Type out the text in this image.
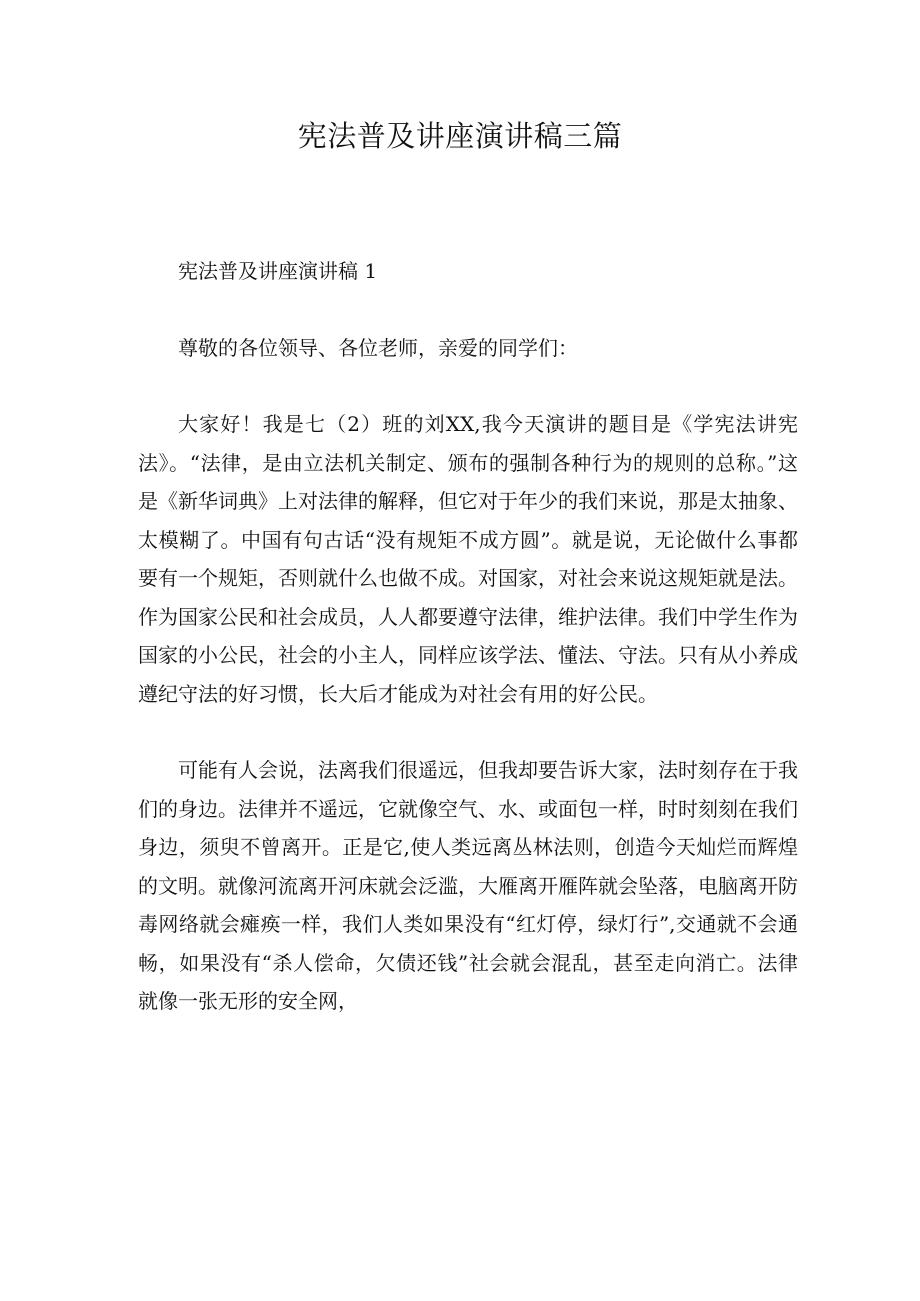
宪法普及讲座演讲稿三篇

宪法普及讲座演讲稿 1

尊敬的各位领导、各位老师，亲爱的同学们：

大家好！我是七（2）班的刘XX,我今天演讲的题目是《学宪法讲宪法》。“法律，是由立法机关制定、颁布的强制各种行为的规则的总称。”这是《新华词典》上对法律的解释，但它对于年少的我们来说，那是太抽象、太模糊了。中国有句古话“没有规矩不成方圆”。就是说，无论做什么事都要有一个规矩，否则就什么也做不成。对国家，对社会来说这规矩就是法。作为国家公民和社会成员，人人都要遵守法律，维护法律。我们中学生作为国家的小公民，社会的小主人，同样应该学法、懂法、守法。只有从小养成遵纪守法的好习惯，长大后才能成为对社会有用的好公民。

可能有人会说，法离我们很遥远，但我却要告诉大家，法时刻存在于我们的身边。法律并不遥远，它就像空气、水、或面包一样，时时刻刻在我们身边，须臾不曾离开。正是它,使人类远离丛林法则，创造今天灿烂而辉煌的文明。就像河流离开河床就会泛滥，大雁离开雁阵就会坠落，电脑离开防毒网络就会瘫痪一样，我们人类如果没有“红灯停，绿灯行”,交通就不会通畅，如果没有“杀人偿命，欠债还钱”社会就会混乱，甚至走向消亡。法律就像一张无形的安全网，
